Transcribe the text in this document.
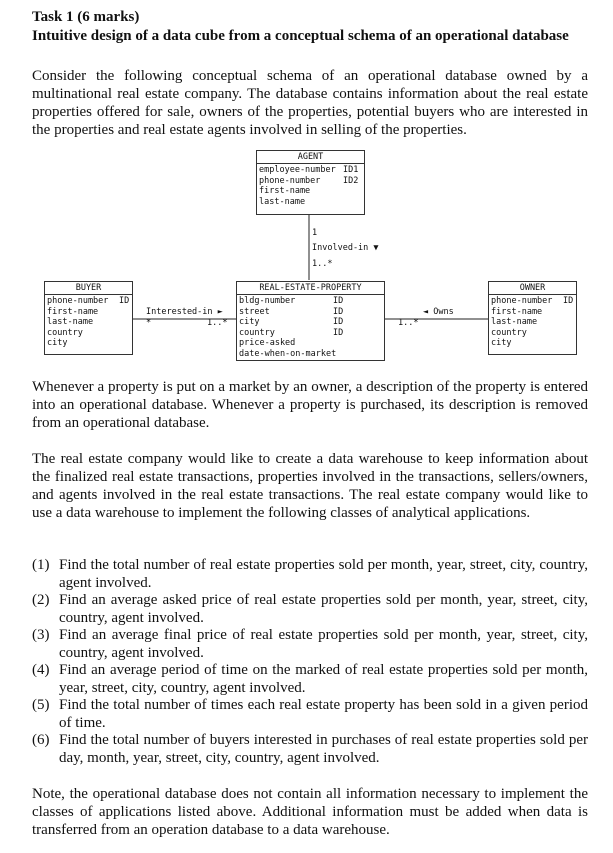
Task 1 (6 marks)
Intuitive design of a data cube from a conceptual schema of an operational database

Consider the following conceptual schema of an operational database owned by a multinational real estate company. The database contains information about the real estate properties offered for sale, owners of the properties, potential buyers who are interested in the properties and real estate agents involved in selling of the properties.

AGENT
employee-number ID1
phone-number	ID2
first-name
last-name
BUYER
phone-number ID
first-name
last-name
country
city
REAL-ESTATE-PROPERTY
bldg-number	ID
street	ID
city	ID
country	ID
price-asked
date-when-on-market
OWNER
phone-number ID
first-name
last-name
country
city
1
Involved-in ▼
1..*
Interested-in ►
*	1..*
◄ Owns
1..*

Whenever a property is put on a market by an owner, a description of the property is entered into an operational database. Whenever a property is purchased, its description is removed from an operational database.

The real estate company would like to create a data warehouse to keep information about the finalized real estate transactions, properties involved in the transactions, sellers/owners, and agents involved in the real estate transactions. The real estate company would like to use a data warehouse to implement the following classes of analytical applications.

(1) Find the total number of real estate properties sold per month, year, street, city, country, agent involved.
(2) Find an average asked price of real estate properties sold per month, year, street, city, country, agent involved.
(3) Find an average final price of real estate properties sold per month, year, street, city, country, agent involved.
(4) Find an average period of time on the marked of real estate properties sold per month, year, street, city, country, agent involved.
(5) Find the total number of times each real estate property has been sold in a given period of time.
(6) Find the total number of buyers interested in purchases of real estate properties sold per day, month, year, street, city, country, agent involved.

Note, the operational database does not contain all information necessary to implement the classes of applications listed above. Additional information must be added when data is transferred from an operation database to a data warehouse.
